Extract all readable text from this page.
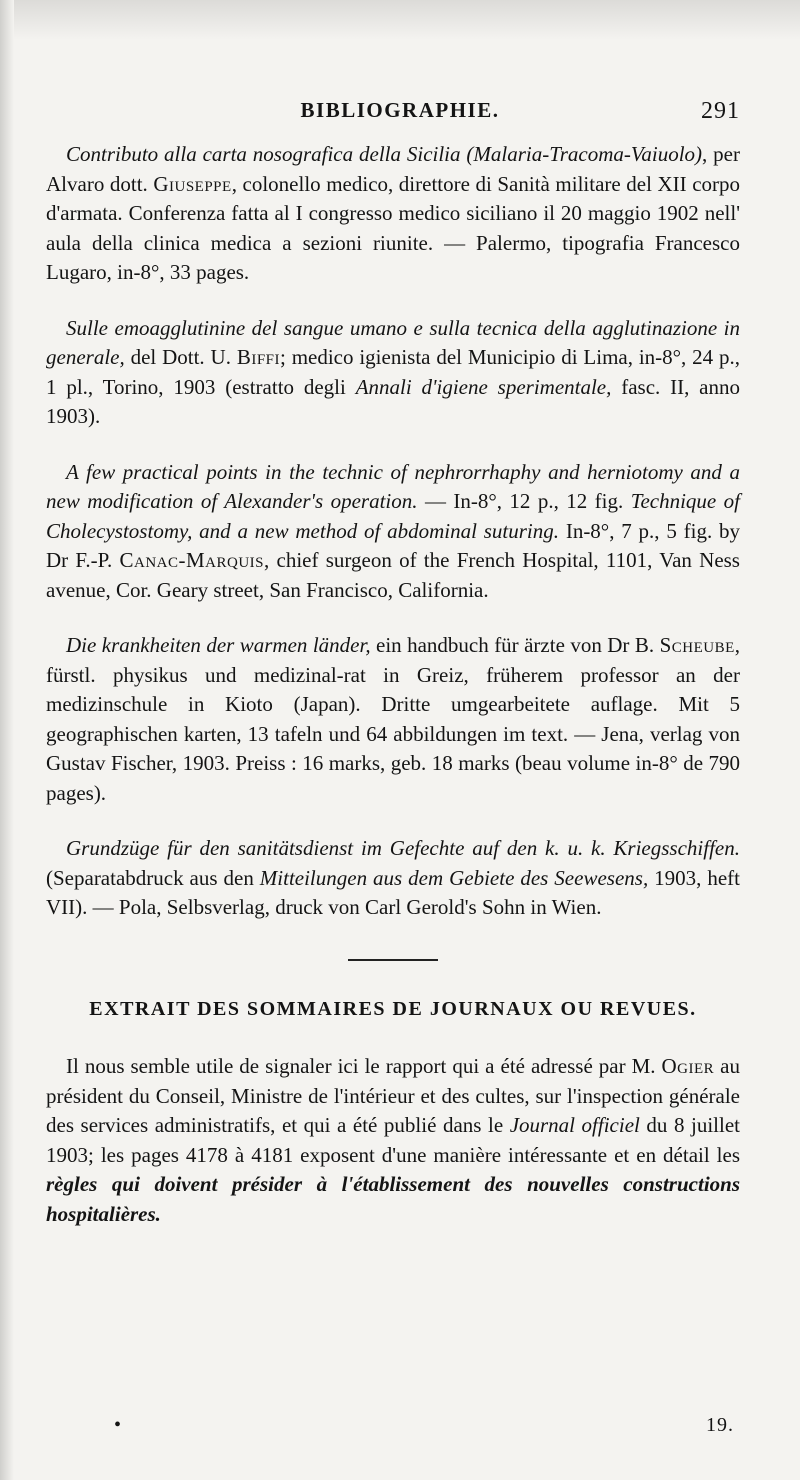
BIBLIOGRAPHIE.	291

Contributo alla carta nosografica della Sicilia (Malaria-Tracoma-Vaiuolo), per Alvaro dott. Giuseppe, colonello medico, direttore di Sanità militare del XII corpo d'armata. Conferenza fatta al I congresso medico siciliano il 20 maggio 1902 nell' aula della clinica medica a sezioni riunite. — Palermo, tipografia Francesco Lugaro, in-8°, 33 pages.

Sulle emoagglutinine del sangue umano e sulla tecnica della agglutinazione in generale, del Dott. U. Biffi; medico igienista del Municipio di Lima, in-8°, 24 p., 1 pl., Torino, 1903 (estratto degli Annali d'igiene sperimentale, fasc. II, anno 1903).

A few practical points in the technic of nephrorrhaphy and herniotomy and a new modification of Alexander's operation. — In-8°, 12 p., 12 fig. Technique of Cholecystostomy, and a new method of abdominal suturing. In-8°, 7 p., 5 fig. by Dr F.-P. Canac-Marquis, chief surgeon of the French Hospital, 1101, Van Ness avenue, Cor. Geary street, San Francisco, California.

Die krankheiten der warmen länder, ein handbuch für ärzte von Dr B. Scheube, fürstl. physikus und medizinal-rat in Greiz, früherem professor an der medizinschule in Kioto (Japan). Dritte umgearbeitete auflage. Mit 5 geographischen karten, 13 tafeln und 64 abbildungen im text. — Jena, verlag von Gustav Fischer, 1903. Preiss : 16 marks, geb. 18 marks (beau volume in-8° de 790 pages).

Grundzüge für den sanitätsdienst im Gefechte auf den k. u. k. Kriegsschiffen. (Separatabdruck aus den Mitteilungen aus dem Gebiete des Seewesens, 1903, heft VII). — Pola, Selbsverlag, druck von Carl Gerold's Sohn in Wien.

EXTRAIT DES SOMMAIRES DE JOURNAUX OU REVUES.

Il nous semble utile de signaler ici le rapport qui a été adressé par M. Ogier au président du Conseil, Ministre de l'intérieur et des cultes, sur l'inspection générale des services administratifs, et qui a été publié dans le Journal officiel du 8 juillet 1903; les pages 4178 à 4181 exposent d'une manière intéressante et en détail les règles qui doivent présider à l'établissement des nouvelles constructions hospitalières.

•	19.
